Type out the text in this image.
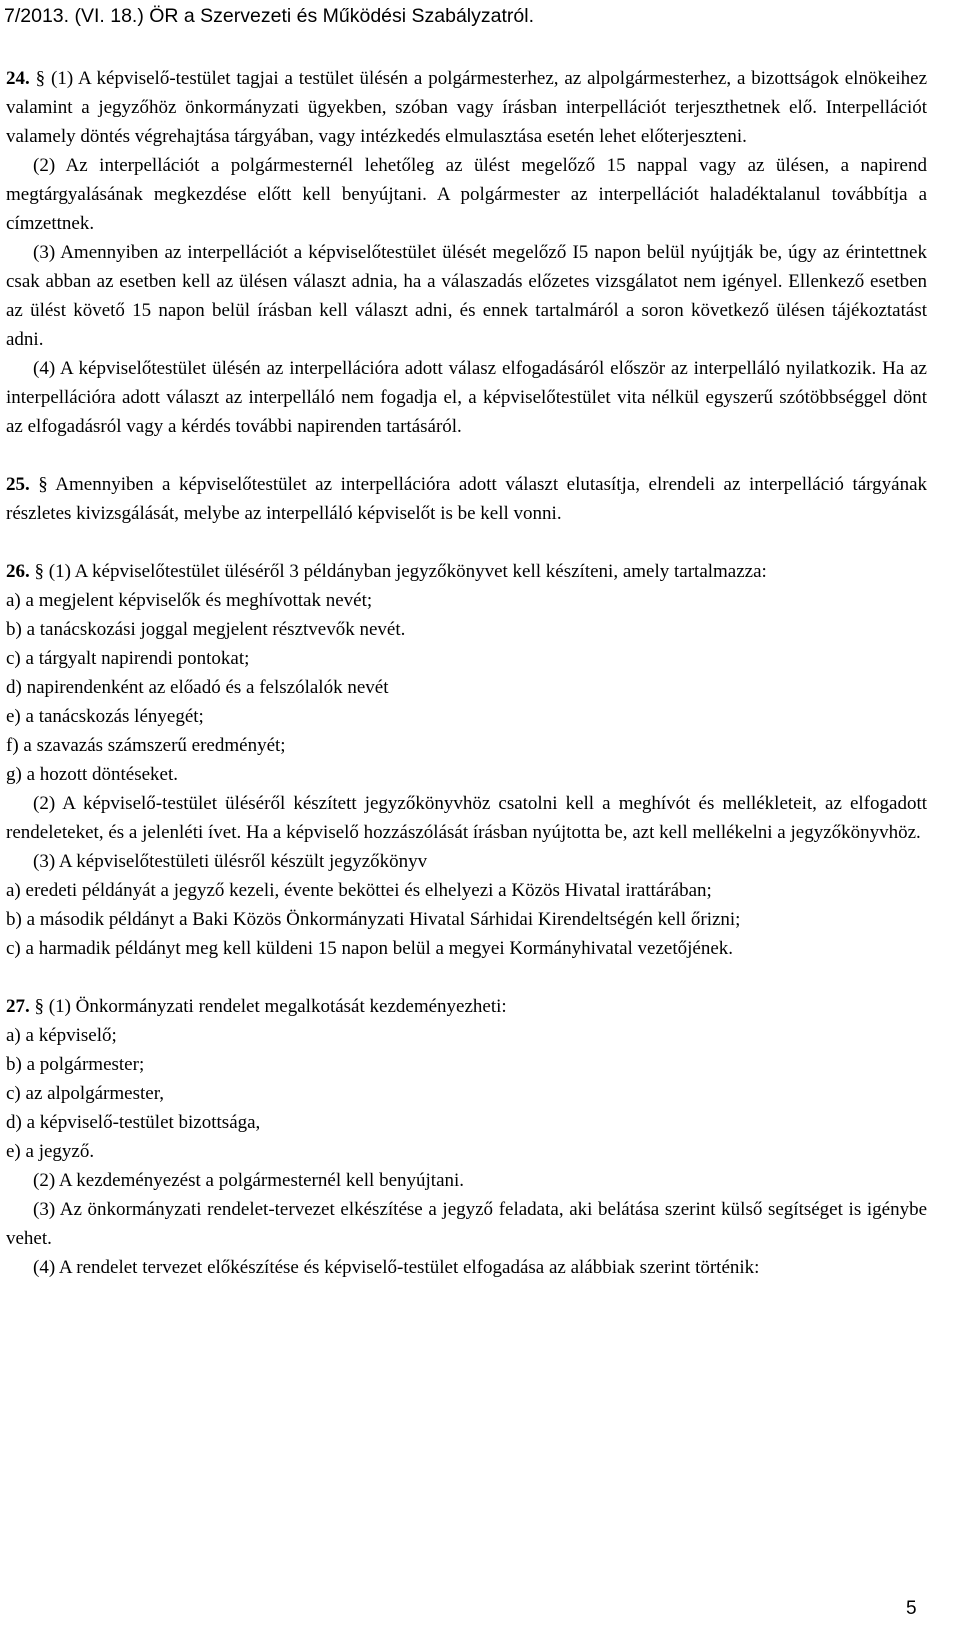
7/2013. (VI. 18.) ÖR a Szervezeti és Működési Szabályzatról.

24. § (1) A képviselő-testület tagjai a testület ülésén a polgármesterhez, az alpolgármesterhez, a bizottságok elnökeihez valamint a jegyzőhöz önkormányzati ügyekben, szóban vagy írásban interpellációt terjeszthetnek elő. Interpellációt valamely döntés végrehajtása tárgyában, vagy intézkedés elmulasztása esetén lehet előterjeszteni.

(2) Az interpellációt a polgármesternél lehetőleg az ülést megelőző 15 nappal vagy az ülésen, a napirend megtárgyalásának megkezdése előtt kell benyújtani. A polgármester az interpellációt haladéktalanul továbbítja a címzettnek.

(3) Amennyiben az interpellációt a képviselőtestület ülését megelőző I5 napon belül nyújtják be, úgy az érintettnek csak abban az esetben kell az ülésen választ adnia, ha a válaszadás előzetes vizsgálatot nem igényel. Ellenkező esetben az ülést követő 15 napon belül írásban kell választ adni, és ennek tartalmáról a soron következő ülésen tájékoztatást adni.

(4) A képviselőtestület ülésén az interpellációra adott válasz elfogadásáról először az interpelláló nyilatkozik. Ha az interpellációra adott választ az interpelláló nem fogadja el, a képviselőtestület vita nélkül egyszerű szótöbbséggel dönt az elfogadásról vagy a kérdés további napirenden tartásáról.

25. § Amennyiben a képviselőtestület az interpellációra adott választ elutasítja, elrendeli az interpelláció tárgyának részletes kivizsgálását, melybe az interpelláló képviselőt is be kell vonni.

26. § (1) A képviselőtestület üléséről 3 példányban jegyzőkönyvet kell készíteni, amely tartalmazza:

a) a megjelent képviselők és meghívottak nevét;

b) a tanácskozási joggal megjelent résztvevők nevét.

c) a tárgyalt napirendi pontokat;

d) napirendenként az előadó és a felszólalók nevét

e) a tanácskozás lényegét;

f) a szavazás számszerű eredményét;

g) a hozott döntéseket.

(2) A képviselő-testület üléséről készített jegyzőkönyvhöz csatolni kell a meghívót és mellékleteit, az elfogadott rendeleteket, és a jelenléti ívet. Ha a képviselő hozzászólását írásban nyújtotta be, azt kell mellékelni a jegyzőkönyvhöz.

(3) A képviselőtestületi ülésről készült jegyzőkönyv

a) eredeti példányát a jegyző kezeli, évente beköttei és elhelyezi a Közös Hivatal irattárában;

b) a második példányt a Baki Közös Önkormányzati Hivatal Sárhidai Kirendeltségén kell őrizni;

c) a harmadik példányt meg kell küldeni 15 napon belül a megyei Kormányhivatal vezetőjének.

27. § (1) Önkormányzati rendelet megalkotását kezdeményezheti:

a) a képviselő;

b) a polgármester;

c) az alpolgármester,

d) a képviselő-testület bizottsága,

e) a jegyző.

(2) A kezdeményezést a polgármesternél kell benyújtani.

(3) Az önkormányzati rendelet-tervezet elkészítése a jegyző feladata, aki belátása szerint külső segítséget is igénybe vehet.

(4) A rendelet tervezet előkészítése és képviselő-testület elfogadása az alábbiak szerint történik:

5
